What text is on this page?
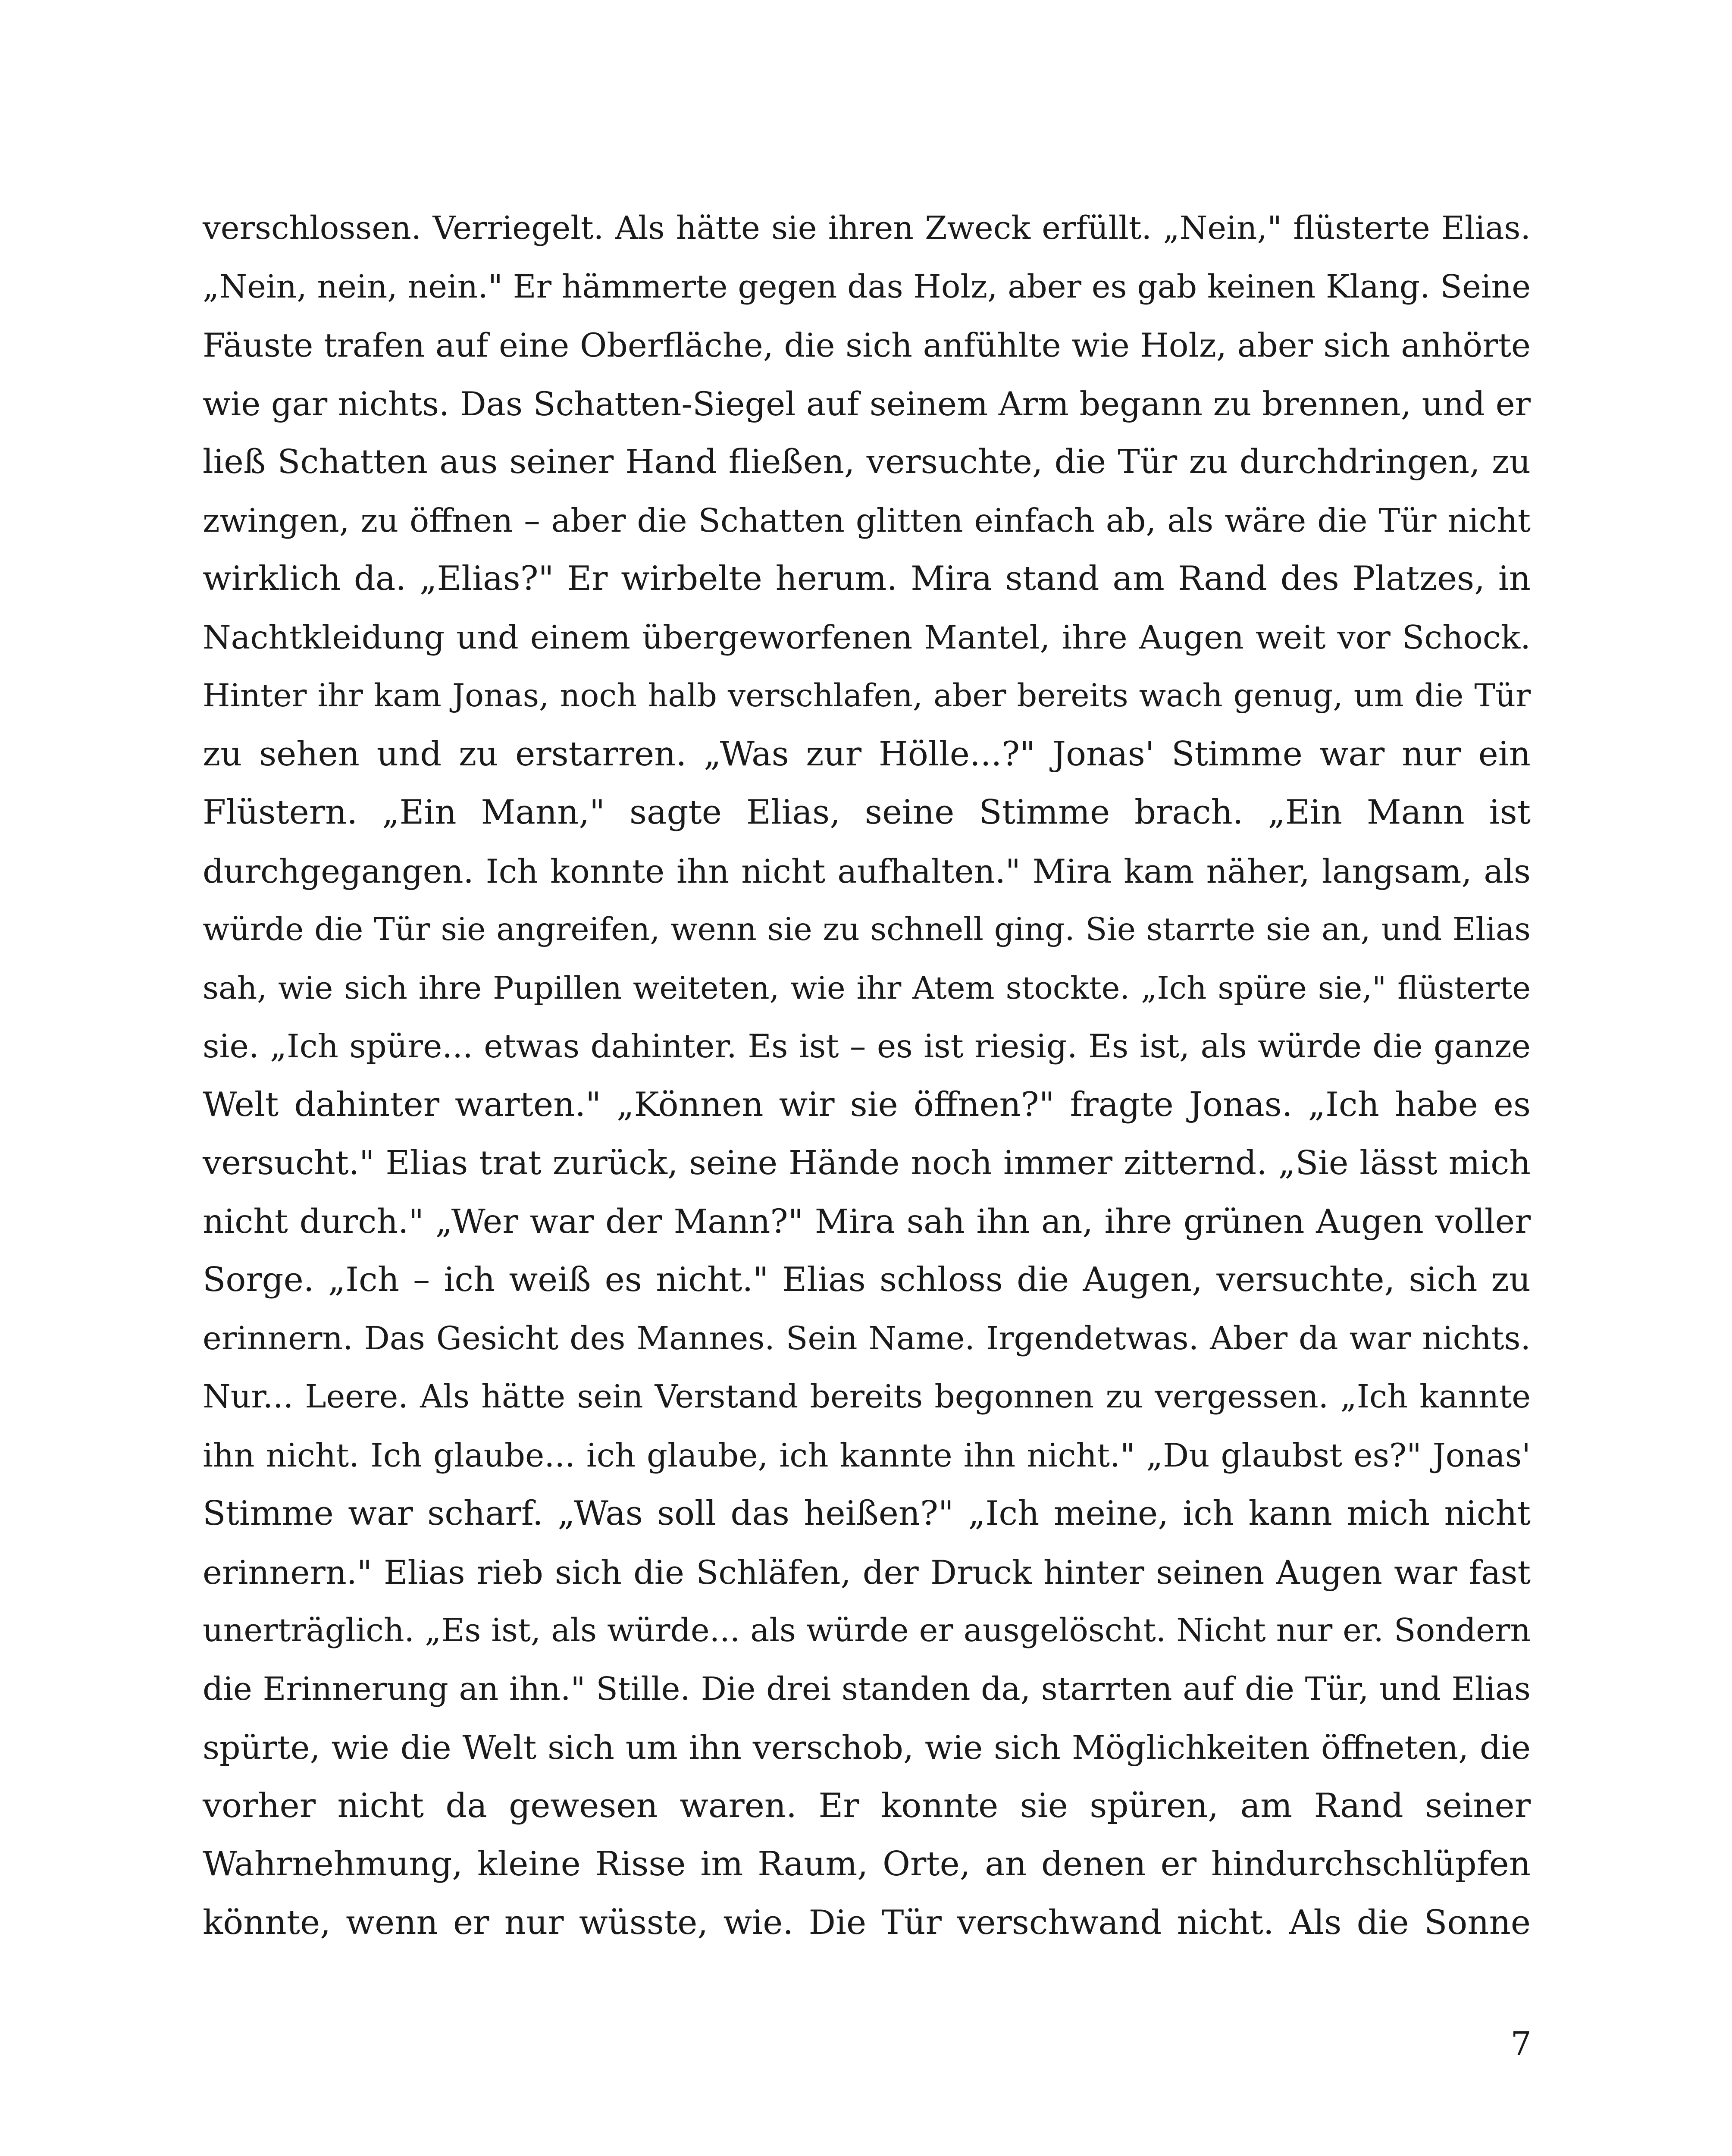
verschlossen. Verriegelt. Als hätte sie ihren Zweck erfüllt. „Nein," flüsterte Elias.
„Nein, nein, nein." Er hämmerte gegen das Holz, aber es gab keinen Klang. Seine
Fäuste trafen auf eine Oberfläche, die sich anfühlte wie Holz, aber sich anhörte
wie gar nichts. Das Schatten-Siegel auf seinem Arm begann zu brennen, und er
ließ Schatten aus seiner Hand fließen, versuchte, die Tür zu durchdringen, zu
zwingen, zu öffnen – aber die Schatten glitten einfach ab, als wäre die Tür nicht
wirklich da. „Elias?" Er wirbelte herum. Mira stand am Rand des Platzes, in
Nachtkleidung und einem übergeworfenen Mantel, ihre Augen weit vor Schock.
Hinter ihr kam Jonas, noch halb verschlafen, aber bereits wach genug, um die Tür
zu sehen und zu erstarren. „Was zur Hölle...?" Jonas' Stimme war nur ein
Flüstern. „Ein Mann," sagte Elias, seine Stimme brach. „Ein Mann ist
durchgegangen. Ich konnte ihn nicht aufhalten." Mira kam näher, langsam, als
würde die Tür sie angreifen, wenn sie zu schnell ging. Sie starrte sie an, und Elias
sah, wie sich ihre Pupillen weiteten, wie ihr Atem stockte. „Ich spüre sie," flüsterte
sie. „Ich spüre... etwas dahinter. Es ist – es ist riesig. Es ist, als würde die ganze
Welt dahinter warten." „Können wir sie öffnen?" fragte Jonas. „Ich habe es
versucht." Elias trat zurück, seine Hände noch immer zitternd. „Sie lässt mich
nicht durch." „Wer war der Mann?" Mira sah ihn an, ihre grünen Augen voller
Sorge. „Ich – ich weiß es nicht." Elias schloss die Augen, versuchte, sich zu
erinnern. Das Gesicht des Mannes. Sein Name. Irgendetwas. Aber da war nichts.
Nur... Leere. Als hätte sein Verstand bereits begonnen zu vergessen. „Ich kannte
ihn nicht. Ich glaube... ich glaube, ich kannte ihn nicht." „Du glaubst es?" Jonas'
Stimme war scharf. „Was soll das heißen?" „Ich meine, ich kann mich nicht
erinnern." Elias rieb sich die Schläfen, der Druck hinter seinen Augen war fast
unerträglich. „Es ist, als würde... als würde er ausgelöscht. Nicht nur er. Sondern
die Erinnerung an ihn." Stille. Die drei standen da, starrten auf die Tür, und Elias
spürte, wie die Welt sich um ihn verschob, wie sich Möglichkeiten öffneten, die
vorher nicht da gewesen waren. Er konnte sie spüren, am Rand seiner
Wahrnehmung, kleine Risse im Raum, Orte, an denen er hindurchschlüpfen
könnte, wenn er nur wüsste, wie. Die Tür verschwand nicht. Als die Sonne
7
